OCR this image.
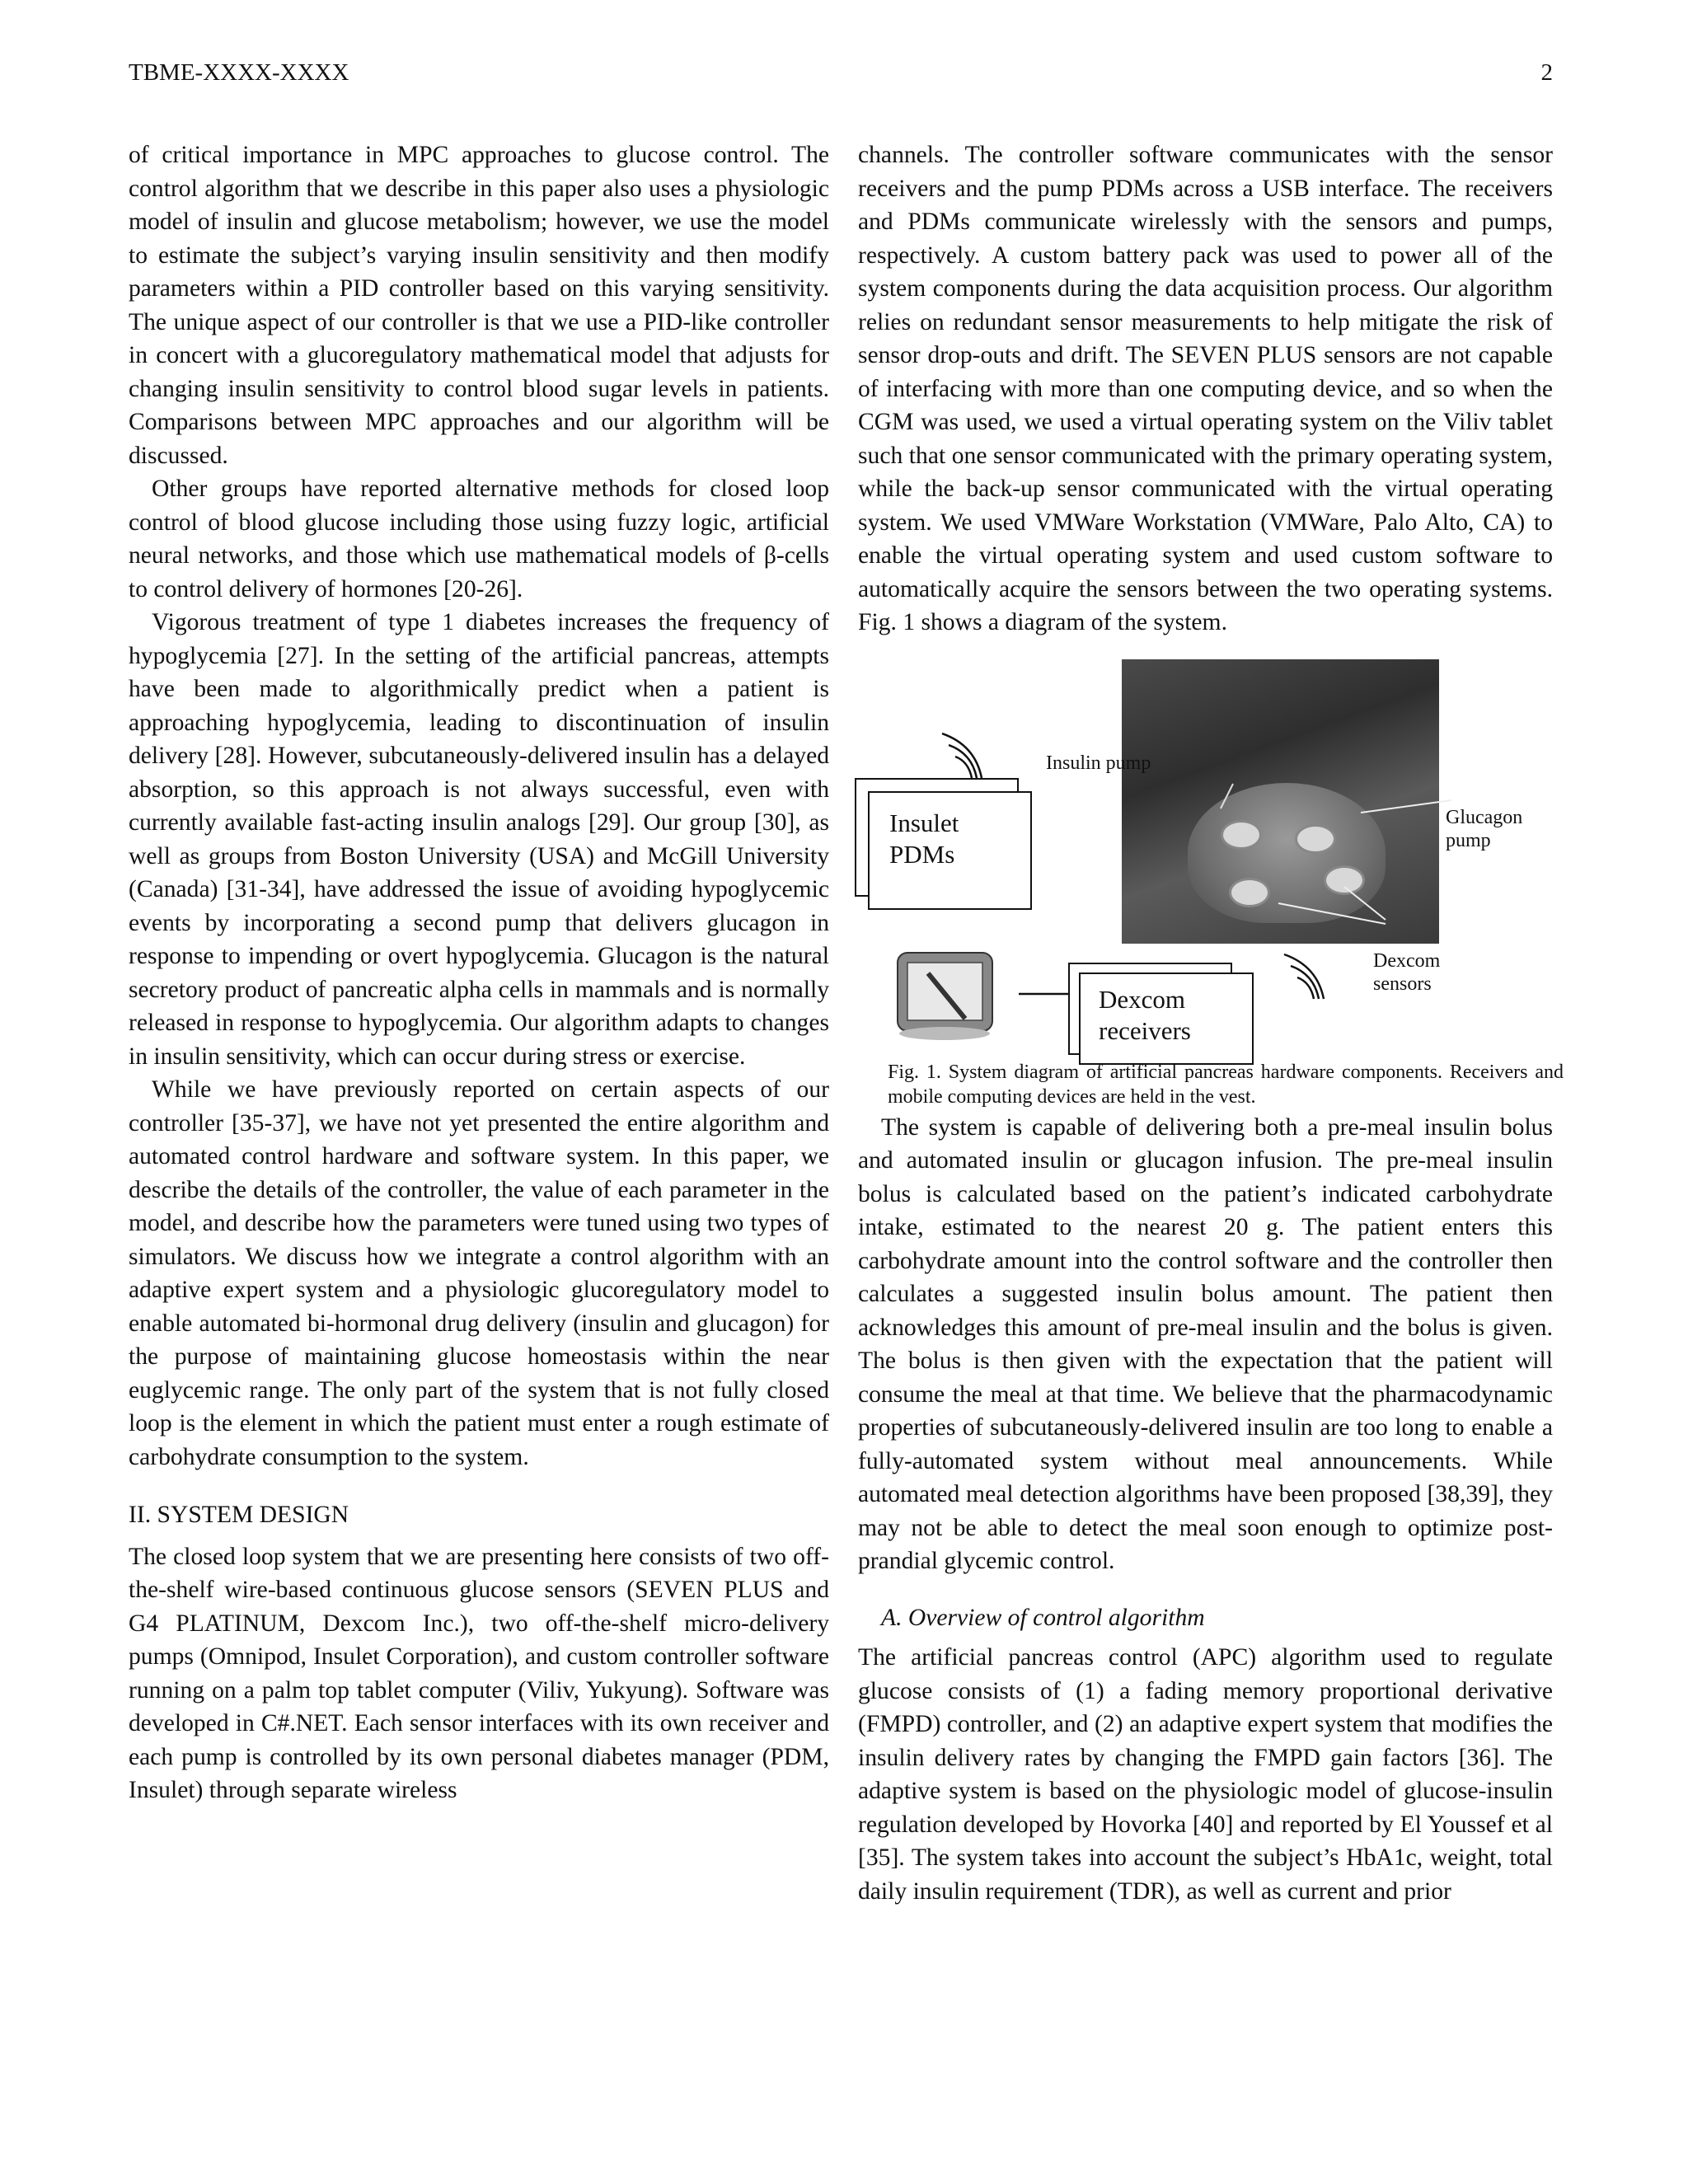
TBME-XXXX-XXXX	2

of critical importance in MPC approaches to glucose control. The control algorithm that we describe in this paper also uses a physiologic model of insulin and glucose metabolism; however, we use the model to estimate the subject’s varying insulin sensitivity and then modify parameters within a PID controller based on this varying sensitivity. The unique aspect of our controller is that we use a PID-like controller in concert with a glucoregulatory mathematical model that adjusts for changing insulin sensitivity to control blood sugar levels in patients. Comparisons between MPC approaches and our algorithm will be discussed.

Other groups have reported alternative methods for closed loop control of blood glucose including those using fuzzy logic, artificial neural networks, and those which use mathematical models of β-cells to control delivery of hormones [20-26].

Vigorous treatment of type 1 diabetes increases the frequency of hypoglycemia [27]. In the setting of the artificial pancreas, attempts have been made to algorithmically predict when a patient is approaching hypoglycemia, leading to discontinuation of insulin delivery [28]. However, subcutaneously-delivered insulin has a delayed absorption, so this approach is not always successful, even with currently available fast-acting insulin analogs [29]. Our group [30], as well as groups from Boston University (USA) and McGill University (Canada) [31-34], have addressed the issue of avoiding hypoglycemic events by incorporating a second pump that delivers glucagon in response to impending or overt hypoglycemia. Glucagon is the natural secretory product of pancreatic alpha cells in mammals and is normally released in response to hypoglycemia. Our algorithm adapts to changes in insulin sensitivity, which can occur during stress or exercise.

While we have previously reported on certain aspects of our controller [35-37], we have not yet presented the entire algorithm and automated control hardware and software system. In this paper, we describe the details of the controller, the value of each parameter in the model, and describe how the parameters were tuned using two types of simulators. We discuss how we integrate a control algorithm with an adaptive expert system and a physiologic glucoregulatory model to enable automated bi-hormonal drug delivery (insulin and glucagon) for the purpose of maintaining glucose homeostasis within the near euglycemic range. The only part of the system that is not fully closed loop is the element in which the patient must enter a rough estimate of carbohydrate consumption to the system.

II. SYSTEM DESIGN

The closed loop system that we are presenting here consists of two off-the-shelf wire-based continuous glucose sensors (SEVEN PLUS and G4 PLATINUM, Dexcom Inc.), two off-the-shelf micro-delivery pumps (Omnipod, Insulet Corporation), and custom controller software running on a palm top tablet computer (Viliv, Yukyung). Software was developed in C#.NET. Each sensor interfaces with its own receiver and each pump is controlled by its own personal diabetes manager (PDM, Insulet) through separate wireless

channels. The controller software communicates with the sensor receivers and the pump PDMs across a USB interface. The receivers and PDMs communicate wirelessly with the sensors and pumps, respectively. A custom battery pack was used to power all of the system components during the data acquisition process. Our algorithm relies on redundant sensor measurements to help mitigate the risk of sensor drop-outs and drift. The SEVEN PLUS sensors are not capable of interfacing with more than one computing device, and so when the CGM was used, we used a virtual operating system on the Viliv tablet such that one sensor communicated with the primary operating system, while the back-up sensor communicated with the virtual operating system. We used VMWare Workstation (VMWare, Palo Alto, CA) to enable the virtual operating system and used custom software to automatically acquire the sensors between the two operating systems. Fig. 1 shows a diagram of the system.

Insulin pump
Glucagon pump
Dexcom sensors
Insulet PDMs
Dexcom receivers
Fig. 1. System diagram of artificial pancreas hardware components. Receivers and mobile computing devices are held in the vest.

The system is capable of delivering both a pre-meal insulin bolus and automated insulin or glucagon infusion. The pre-meal insulin bolus is calculated based on the patient’s indicated carbohydrate intake, estimated to the nearest 20 g. The patient enters this carbohydrate amount into the control software and the controller then calculates a suggested insulin bolus amount. The patient then acknowledges this amount of pre-meal insulin and the bolus is given. The bolus is then given with the expectation that the patient will consume the meal at that time. We believe that the pharmacodynamic properties of subcutaneously-delivered insulin are too long to enable a fully-automated system without meal announcements. While automated meal detection algorithms have been proposed [38,39], they may not be able to detect the meal soon enough to optimize post-prandial glycemic control.

A. Overview of control algorithm

The artificial pancreas control (APC) algorithm used to regulate glucose consists of (1) a fading memory proportional derivative (FMPD) controller, and (2) an adaptive expert system that modifies the insulin delivery rates by changing the FMPD gain factors [36]. The adaptive system is based on the physiologic model of glucose-insulin regulation developed by Hovorka [40] and reported by El Youssef et al [35]. The system takes into account the subject’s HbA1c, weight, total daily insulin requirement (TDR), as well as current and prior
